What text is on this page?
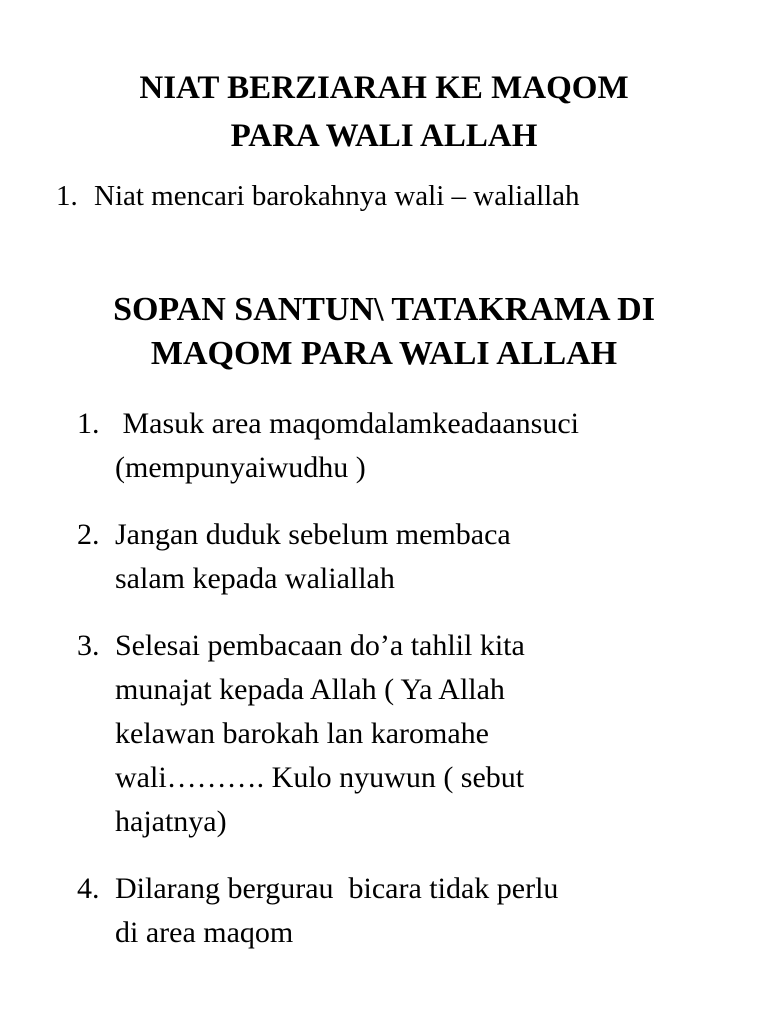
NIAT BERZIARAH KE MAQOM
PARA WALI ALLAH
1. Niat mencari barokahnya wali – waliallah
SOPAN SANTUN\ TATAKRAMA DI
MAQOM PARA WALI ALLAH
1. Masuk area maqomdalamkeadaansuci
(mempunyaiwudhu )
2. Jangan duduk sebelum membaca
salam kepada waliallah
3. Selesai pembacaan do’a tahlil kita
munajat kepada Allah ( Ya Allah
kelawan barokah lan karomahe
wali………. Kulo nyuwun ( sebut
hajatnya)
4. Dilarang bergurau  bicara tidak perlu
di area maqom
